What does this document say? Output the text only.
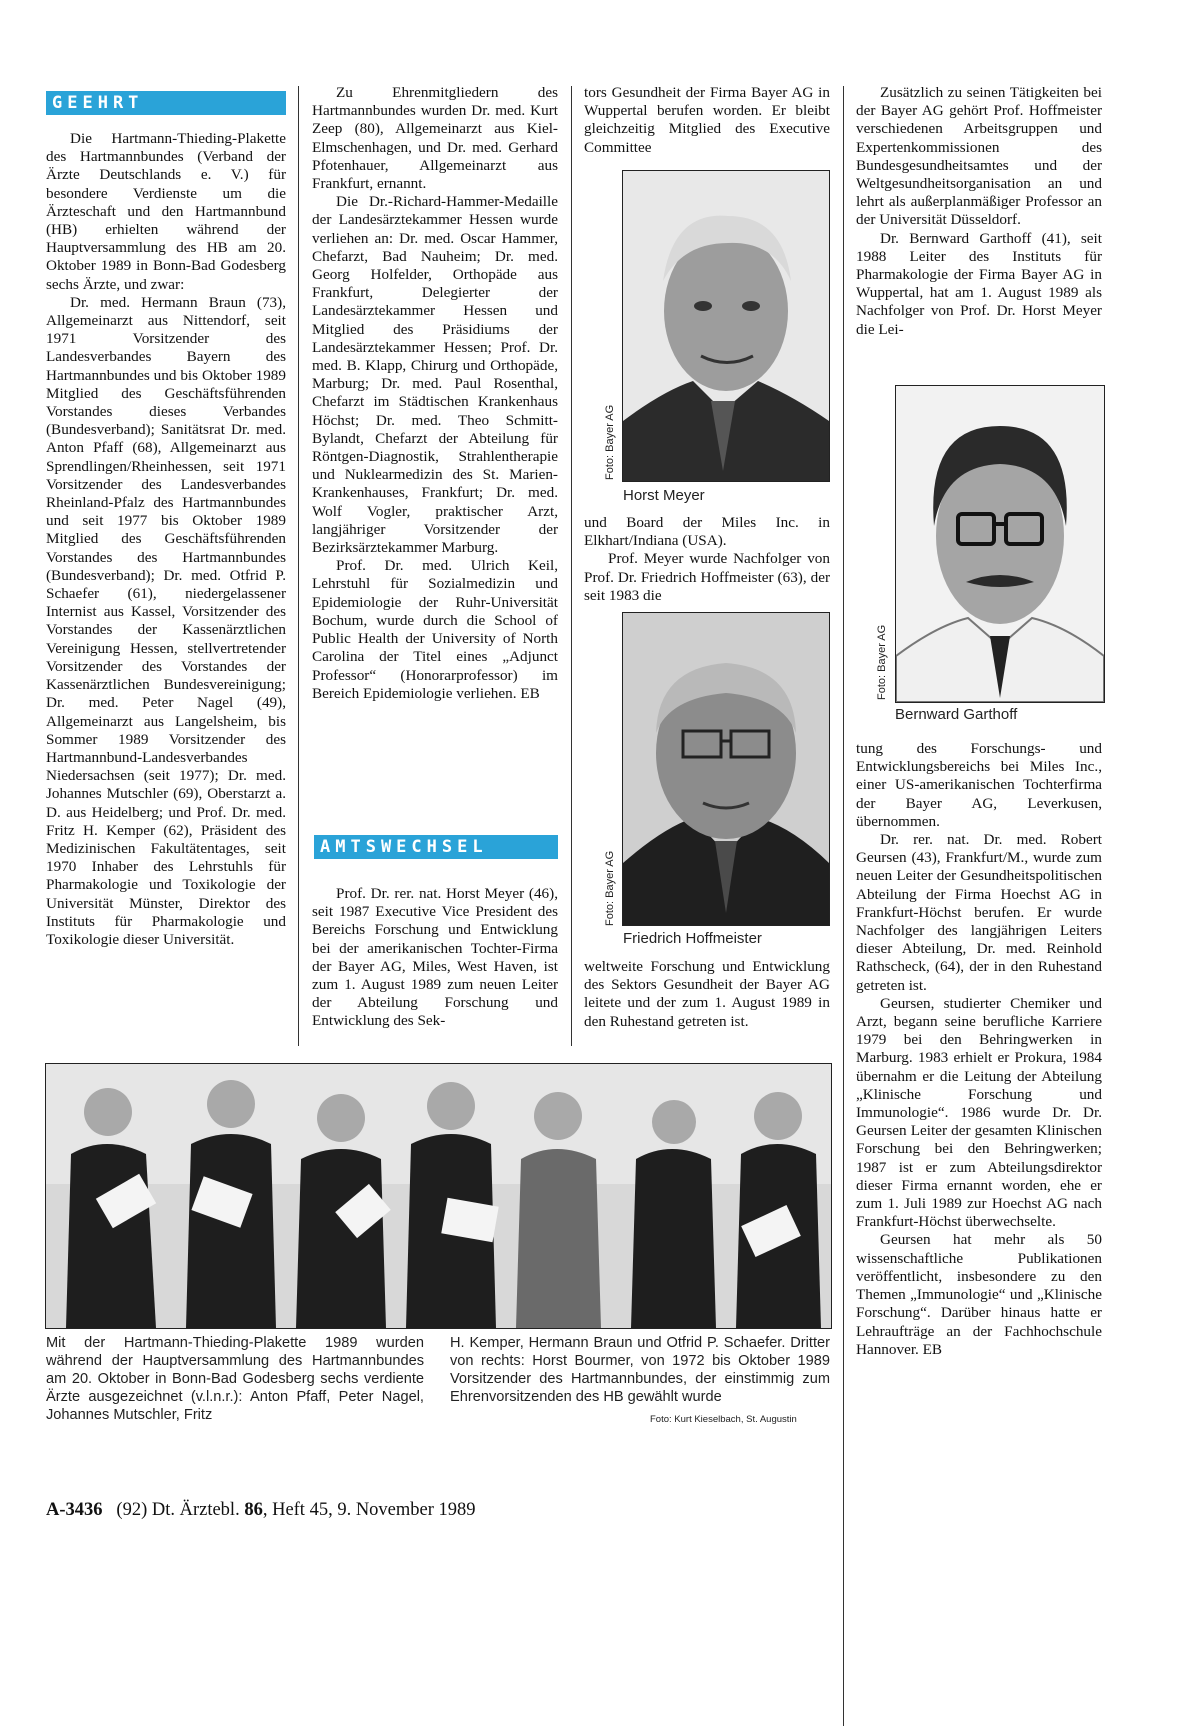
GEEHRT

Die Hartmann-Thieding-Plakette des Hartmannbundes (Verband der Ärzte Deutschlands e. V.) für besondere Verdienste um die Ärzteschaft und den Hartmannbund (HB) erhielten während der Hauptversammlung des HB am 20. Oktober 1989 in Bonn-Bad Godesberg sechs Ärzte, und zwar:

Dr. med. Hermann Braun (73), Allgemeinarzt aus Nittendorf, seit 1971 Vorsitzender des Landesverbandes Bayern des Hartmannbundes und bis Oktober 1989 Mitglied des Geschäftsführenden Vorstandes dieses Verbandes (Bundesverband); Sanitätsrat Dr. med. Anton Pfaff (68), Allgemeinarzt aus Sprendlingen/Rheinhessen, seit 1971 Vorsitzender des Landesverbandes Rheinland-Pfalz des Hartmannbundes und seit 1977 bis Oktober 1989 Mitglied des Geschäftsführenden Vorstandes des Hartmannbundes (Bundesverband); Dr. med. Otfrid P. Schaefer (61), niedergelassener Internist aus Kassel, Vorsitzender des Vorstandes der Kassenärztlichen Vereinigung Hessen, stellvertretender Vorsitzender des Vorstandes der Kassenärztlichen Bundesvereinigung; Dr. med. Peter Nagel (49), Allgemeinarzt aus Langelsheim, bis Sommer 1989 Vorsitzender des Hartmannbund-Landesverbandes Niedersachsen (seit 1977); Dr. med. Johannes Mutschler (69), Oberstarzt a. D. aus Heidelberg; und Prof. Dr. med. Fritz H. Kemper (62), Präsident des Medizinischen Fakultätentages, seit 1970 Inhaber des Lehrstuhls für Pharmakologie und Toxikologie der Universität Münster, Direktor des Instituts für Pharmakologie und Toxikologie dieser Universität.

Zu Ehrenmitgliedern des Hartmannbundes wurden Dr. med. Kurt Zeep (80), Allgemeinarzt aus Kiel-Elmschenhagen, und Dr. med. Gerhard Pfotenhauer, Allgemeinarzt aus Frankfurt, ernannt.

Die Dr.-Richard-Hammer-Medaille der Landesärztekammer Hessen wurde verliehen an: Dr. med. Oscar Hammer, Chefarzt, Bad Nauheim; Dr. med. Georg Holfelder, Orthopäde aus Frankfurt, Delegierter der Landesärztekammer Hessen und Mitglied des Präsidiums der Landesärztekammer Hessen; Prof. Dr. med. B. Klapp, Chirurg und Orthopäde, Marburg; Dr. med. Paul Rosenthal, Chefarzt im Städtischen Krankenhaus Höchst; Dr. med. Theo Schmitt-Bylandt, Chefarzt der Abteilung für Röntgen-Diagnostik, Strahlentherapie und Nuklearmedizin des St. Marien-Krankenhauses, Frankfurt; Dr. med. Wolf Vogler, praktischer Arzt, langjähriger Vorsitzender der Bezirksärztekammer Marburg.

Prof. Dr. med. Ulrich Keil, Lehrstuhl für Sozialmedizin und Epidemiologie der Ruhr-Universität Bochum, wurde durch die School of Public Health der University of North Carolina der Titel eines „Adjunct Professor“ (Honorarprofessor) im Bereich Epidemiologie verliehen. EB

AMTSWECHSEL

Prof. Dr. rer. nat. Horst Meyer (46), seit 1987 Executive Vice President des Bereichs Forschung und Entwicklung bei der amerikanischen Tochter-Firma der Bayer AG, Miles, West Haven, ist zum 1. August 1989 zum neuen Leiter der Abteilung Forschung und Entwicklung des Sek-

tors Gesundheit der Firma Bayer AG in Wuppertal berufen worden. Er bleibt gleichzeitig Mitglied des Executive Committee

Foto: Bayer AG
Horst Meyer

und Board der Miles Inc. in Elkhart/Indiana (USA).

Prof. Meyer wurde Nachfolger von Prof. Dr. Friedrich Hoffmeister (63), der seit 1983 die

Foto: Bayer AG
Friedrich Hoffmeister

weltweite Forschung und Entwicklung des Sektors Gesundheit der Bayer AG leitete und der zum 1. August 1989 in den Ruhestand getreten ist.

Zusätzlich zu seinen Tätigkeiten bei der Bayer AG gehört Prof. Hoffmeister verschiedenen Arbeitsgruppen und Expertenkommissionen des Bundesgesundheitsamtes und der Weltgesundheitsorganisation an und lehrt als außerplanmäßiger Professor an der Universität Düsseldorf.

Dr. Bernward Garthoff (41), seit 1988 Leiter des Instituts für Pharmakologie der Firma Bayer AG in Wuppertal, hat am 1. August 1989 als Nachfolger von Prof. Dr. Horst Meyer die Lei-

Foto: Bayer AG
Bernward Garthoff

tung des Forschungs- und Entwicklungsbereichs bei Miles Inc., einer US-amerikanischen Tochterfirma der Bayer AG, Leverkusen, übernommen.

Dr. rer. nat. Dr. med. Robert Geursen (43), Frankfurt/M., wurde zum neuen Leiter der Gesundheitspolitischen Abteilung der Firma Hoechst AG in Frankfurt-Höchst berufen. Er wurde Nachfolger des langjährigen Leiters dieser Abteilung, Dr. med. Reinhold Rathscheck, (64), der in den Ruhestand getreten ist.

Geursen, studierter Chemiker und Arzt, begann seine berufliche Karriere 1979 bei den Behringwerken in Marburg. 1983 erhielt er Prokura, 1984 übernahm er die Leitung der Abteilung „Klinische Forschung und Immunologie“. 1986 wurde Dr. Dr. Geursen Leiter der gesamten Klinischen Forschung bei den Behringwerken; 1987 ist er zum Abteilungsdirektor dieser Firma ernannt worden, ehe er zum 1. Juli 1989 zur Hoechst AG nach Frankfurt-Höchst überwechselte.

Geursen hat mehr als 50 wissenschaftliche Publikationen veröffentlicht, insbesondere zu den Themen „Immunologie“ und „Klinische Forschung“. Darüber hinaus hatte er Lehraufträge an der Fachhochschule Hannover. EB

Mit der Hartmann-Thieding-Plakette 1989 wurden während der Hauptversammlung des Hartmannbundes am 20. Oktober in Bonn-Bad Godesberg sechs verdiente Ärzte ausgezeichnet (v.l.n.r.): Anton Pfaff, Peter Nagel, Johannes Mutschler, Fritz
H. Kemper, Hermann Braun und Otfrid P. Schaefer. Dritter von rechts: Horst Bourmer, von 1972 bis Oktober 1989 Vorsitzender des Hartmannbundes, der einstimmig zum Ehrenvorsitzenden des HB gewählt wurde
Foto: Kurt Kieselbach, St. Augustin
A-3436 (92) Dt. Ärztebl. 86, Heft 45, 9. November 1989
